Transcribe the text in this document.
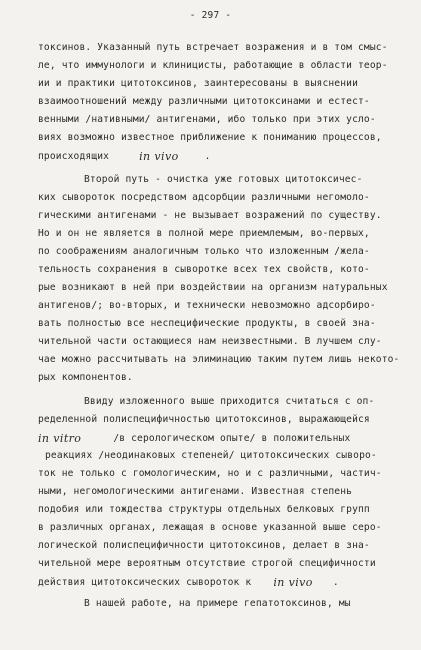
- 297 -
токсинов. Указанный путь встречает возражения и в том смыс-
ле, что иммунологи и клиницисты, работающие в области теор-
ии и практики цитотоксинов, заинтересованы в выяснении
взаимоотношений между различными цитотоксинами и естест-
венными /нативными/ антигенами, ибо только при этих усло-
виях возможно известное приближение к пониманию процессов,
происходящих	in vivo	.
Второй путь - очистка уже готовых цитотоксичес-
ких сывороток посредством адсорбции различными негомоло-
гическими антигенами - не вызывает возражений по существу.
Но и он не является в полной мере приемлемым, во-первых,
по соображениям аналогичным только что изложенным /жела-
тельность сохранения в сыворотке всех тех свойств, кото-
рые возникают в ней при воздействии на организм натуральных
антигенов/; во-вторых, и технически невозможно адсорбиро-
вать полностью все неспецифические продукты, в своей зна-
чительной части остающиеся нам неизвестными. В лучшем слу-
чае можно рассчитывать на элиминацию таким путем лишь некото-
рых компонентов.
Ввиду изложенного выше приходится считаться с оп-
ределенной полиспецифичностью цитотоксинов, выражающейся
in vitro	/в серологическом опыте/ в положительных
реакциях /неодинаковых степеней/ цитотоксических сыворо-
ток не только с гомологическим, но и с различными, частич-
ными, негомологическими антигенами. Известная степень
подобия или тождества структуры отдельных белковых групп
в различных органах, лежащая в основе указанной выше серо-
логической полиспецифичности цитотоксинов, делает в зна-
чительной мере вероятным отсутствие строгой специфичности
действия цитотоксических сывороток к in vivo .
В нашей работе, на примере гепатотоксинов, мы
